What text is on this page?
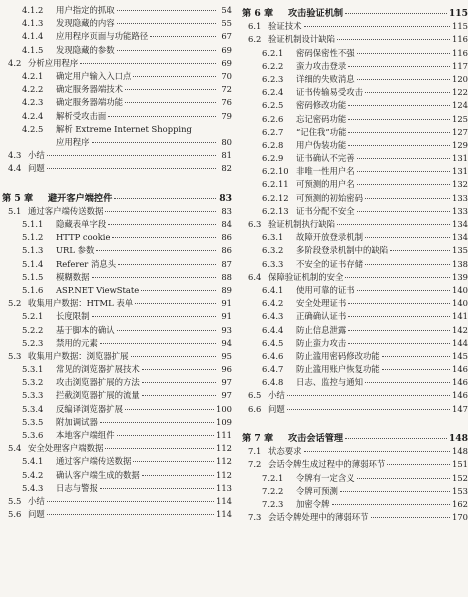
4.1.2	用户指定的抓取	54
4.1.3	发现隐藏的内容	55
4.1.4	应用程序页面与功能路径	67
4.1.5	发现隐藏的参数	69
4.2 分析应用程序	69
4.2.1	确定用户输入入口点	70
4.2.2	确定服务器端技术	72
4.2.3	确定服务器端功能	76
4.2.4	解析受攻击面	79
4.2.5	解析 Extreme Internet Shopping
应用程序	80
4.3 小结	81
4.4 问题	82
第 5 章	避开客户端控件	83
5.1 通过客户端传送数据	83
5.1.1	隐藏表单字段	84
5.1.2	HTTP cookie	86
5.1.3	URL 参数	86
5.1.4	Referer 消息头	87
5.1.5	模糊数据	88
5.1.6	ASP.NET ViewState	89
5.2 收集用户数据：HTML 表单	91
5.2.1	长度限制	91
5.2.2	基于脚本的确认	93
5.2.3	禁用的元素	94
5.3 收集用户数据：浏览器扩展	95
5.3.1	常见的浏览器扩展技术	96
5.3.2	攻击浏览器扩展的方法	97
5.3.3	拦截浏览器扩展的流量	97
5.3.4	反编译浏览器扩展	100
5.3.5	附加调试器	109
5.3.6	本地客户端组件	111
5.4 安全处理客户端数据	112
5.4.1	通过客户端传送数据	112
5.4.2	确认客户端生成的数据	112
5.4.3	日志与警报	113
5.5 小结	114
5.6 问题	114
第 6 章	攻击验证机制	115
6.1 验证技术	115
6.2 验证机制设计缺陷	116
6.2.1	密码保密性不强	116
6.2.2	蛮力攻击登录	117
6.2.3	详细的失败消息	120
6.2.4	证书传输易受攻击	122
6.2.5	密码修改功能	124
6.2.6	忘记密码功能	125
6.2.7	“记住我”功能	127
6.2.8	用户伪装功能	129
6.2.9	证书确认不完善	131
6.2.10 非唯一性用户名	131
6.2.11 可预测的用户名	132
6.2.12 可预测的初始密码	133
6.2.13 证书分配不安全	133
6.3 验证机制执行缺陷	134
6.3.1	故障开放登录机制	134
6.3.2	多阶段登录机制中的缺陷	135
6.3.3	不安全的证书存储	138
6.4 保障验证机制的安全	139
6.4.1	使用可靠的证书	140
6.4.2	安全处理证书	140
6.4.3	正确确认证书	141
6.4.4	防止信息泄露	142
6.4.5	防止蛮力攻击	144
6.4.6	防止滥用密码修改功能	145
6.4.7	防止滥用账户恢复功能	146
6.4.8	日志、监控与通知	146
6.5 小结	146
6.6 问题	147
第 7 章	攻击会话管理	148
7.1 状态要求	148
7.2 会话令牌生成过程中的薄弱环节	151
7.2.1	令牌有一定含义	152
7.2.2	令牌可预测	153
7.2.3	加密令牌	162
7.3 会话令牌处理中的薄弱环节	170
